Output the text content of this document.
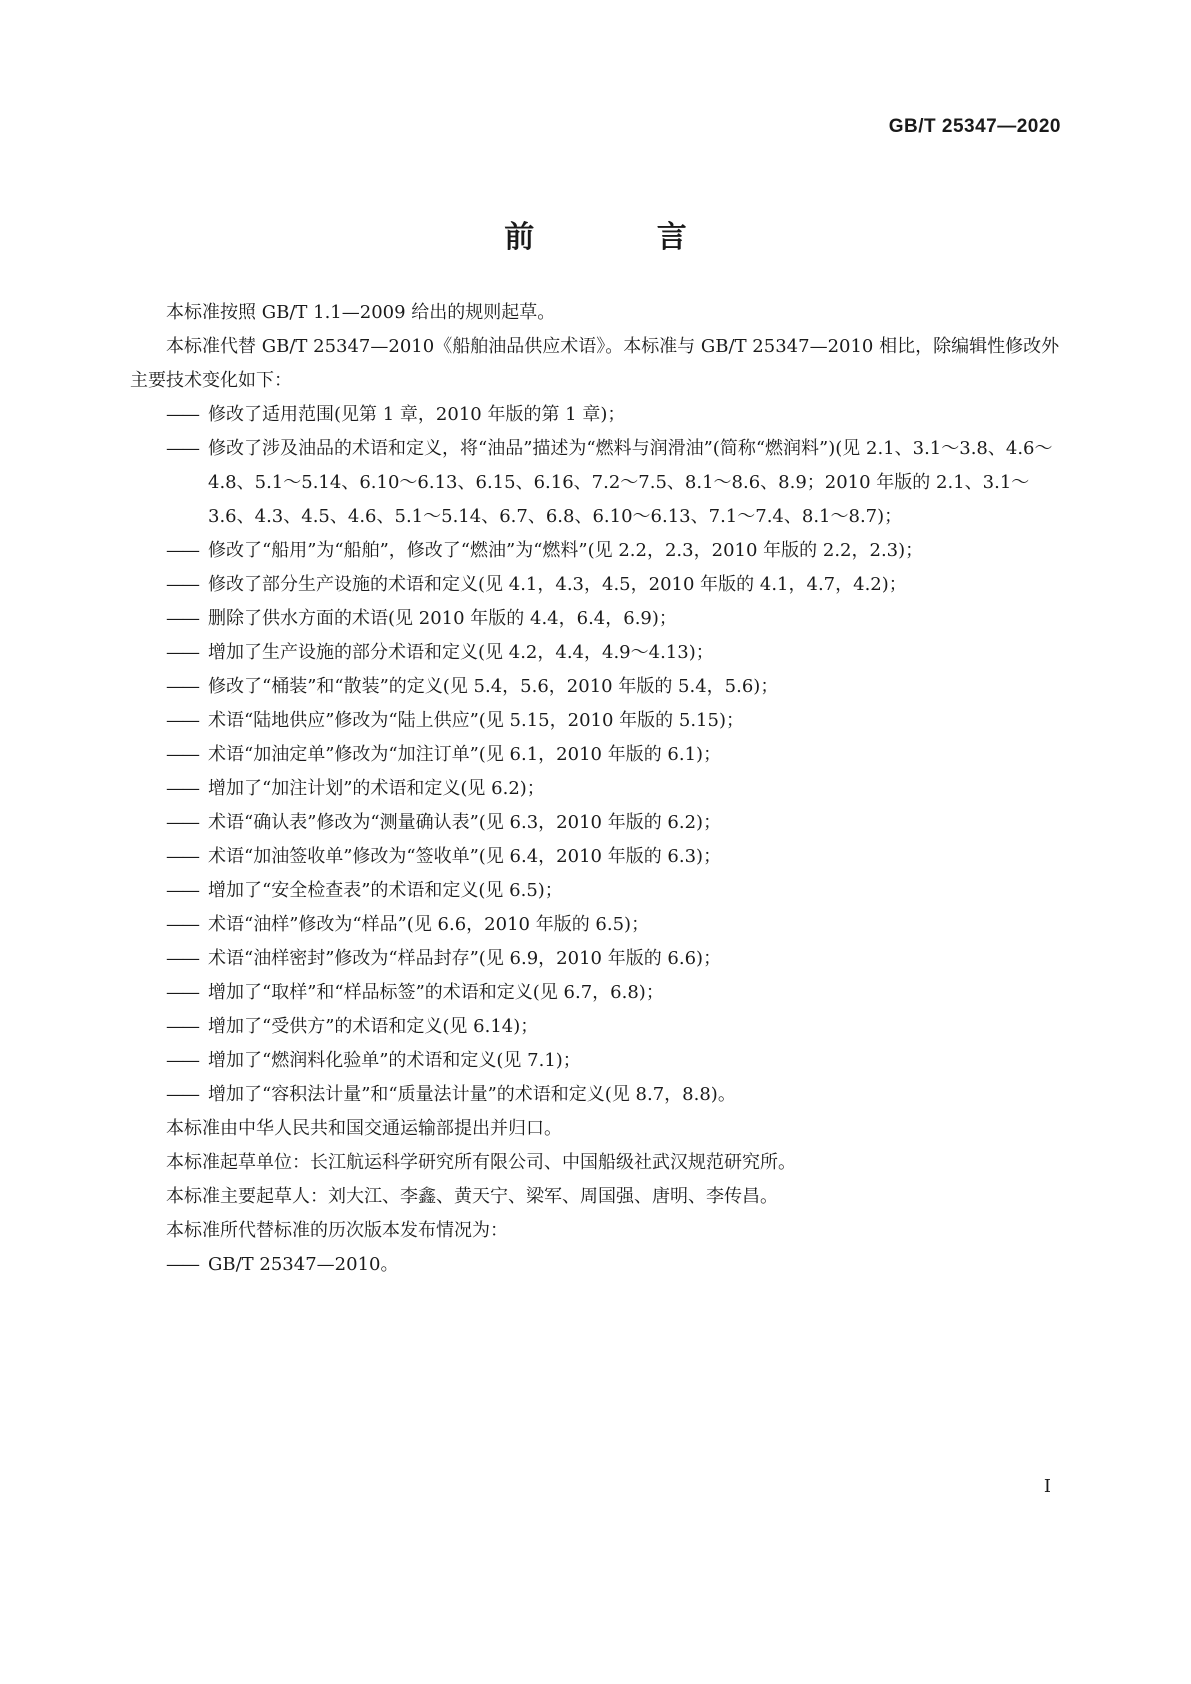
GB/T 25347—2020
前 言

本标准按照 GB/T 1.1—2009 给出的规则起草。

本标准代替 GB/T 25347—2010《船舶油品供应术语》。本标准与 GB/T 25347—2010 相比，除编辑性修改外主要技术变化如下：

—— 修改了适用范围(见第 1 章，2010 年版的第 1 章)；

—— 修改了涉及油品的术语和定义，将“油品”描述为“燃料与润滑油”(简称“燃润料”)(见 2.1、3.1～3.8、4.6～4.8、5.1～5.14、6.10～6.13、6.15、6.16、7.2～7.5、8.1～8.6、8.9；2010 年版的 2.1、3.1～3.6、4.3、4.5、4.6、5.1～5.14、6.7、6.8、6.10～6.13、7.1～7.4、8.1～8.7)；

—— 修改了“船用”为“船舶”，修改了“燃油”为“燃料”(见 2.2，2.3，2010 年版的 2.2，2.3)；

—— 修改了部分生产设施的术语和定义(见 4.1，4.3，4.5，2010 年版的 4.1，4.7，4.2)；

—— 删除了供水方面的术语(见 2010 年版的 4.4，6.4，6.9)；

—— 增加了生产设施的部分术语和定义(见 4.2，4.4，4.9～4.13)；

—— 修改了“桶装”和“散装”的定义(见 5.4，5.6，2010 年版的 5.4，5.6)；

—— 术语“陆地供应”修改为“陆上供应”(见 5.15，2010 年版的 5.15)；

—— 术语“加油定单”修改为“加注订单”(见 6.1，2010 年版的 6.1)；

—— 增加了“加注计划”的术语和定义(见 6.2)；

—— 术语“确认表”修改为“测量确认表”(见 6.3，2010 年版的 6.2)；

—— 术语“加油签收单”修改为“签收单”(见 6.4，2010 年版的 6.3)；

—— 增加了“安全检查表”的术语和定义(见 6.5)；

—— 术语“油样”修改为“样品”(见 6.6，2010 年版的 6.5)；

—— 术语“油样密封”修改为“样品封存”(见 6.9，2010 年版的 6.6)；

—— 增加了“取样”和“样品标签”的术语和定义(见 6.7，6.8)；

—— 增加了“受供方”的术语和定义(见 6.14)；

—— 增加了“燃润料化验单”的术语和定义(见 7.1)；

—— 增加了“容积法计量”和“质量法计量”的术语和定义(见 8.7，8.8)。

本标准由中华人民共和国交通运输部提出并归口。

本标准起草单位：长江航运科学研究所有限公司、中国船级社武汉规范研究所。

本标准主要起草人：刘大江、李鑫、黄天宁、梁军、周国强、唐明、李传昌。

本标准所代替标准的历次版本发布情况为：

—— GB/T 25347—2010。

I
